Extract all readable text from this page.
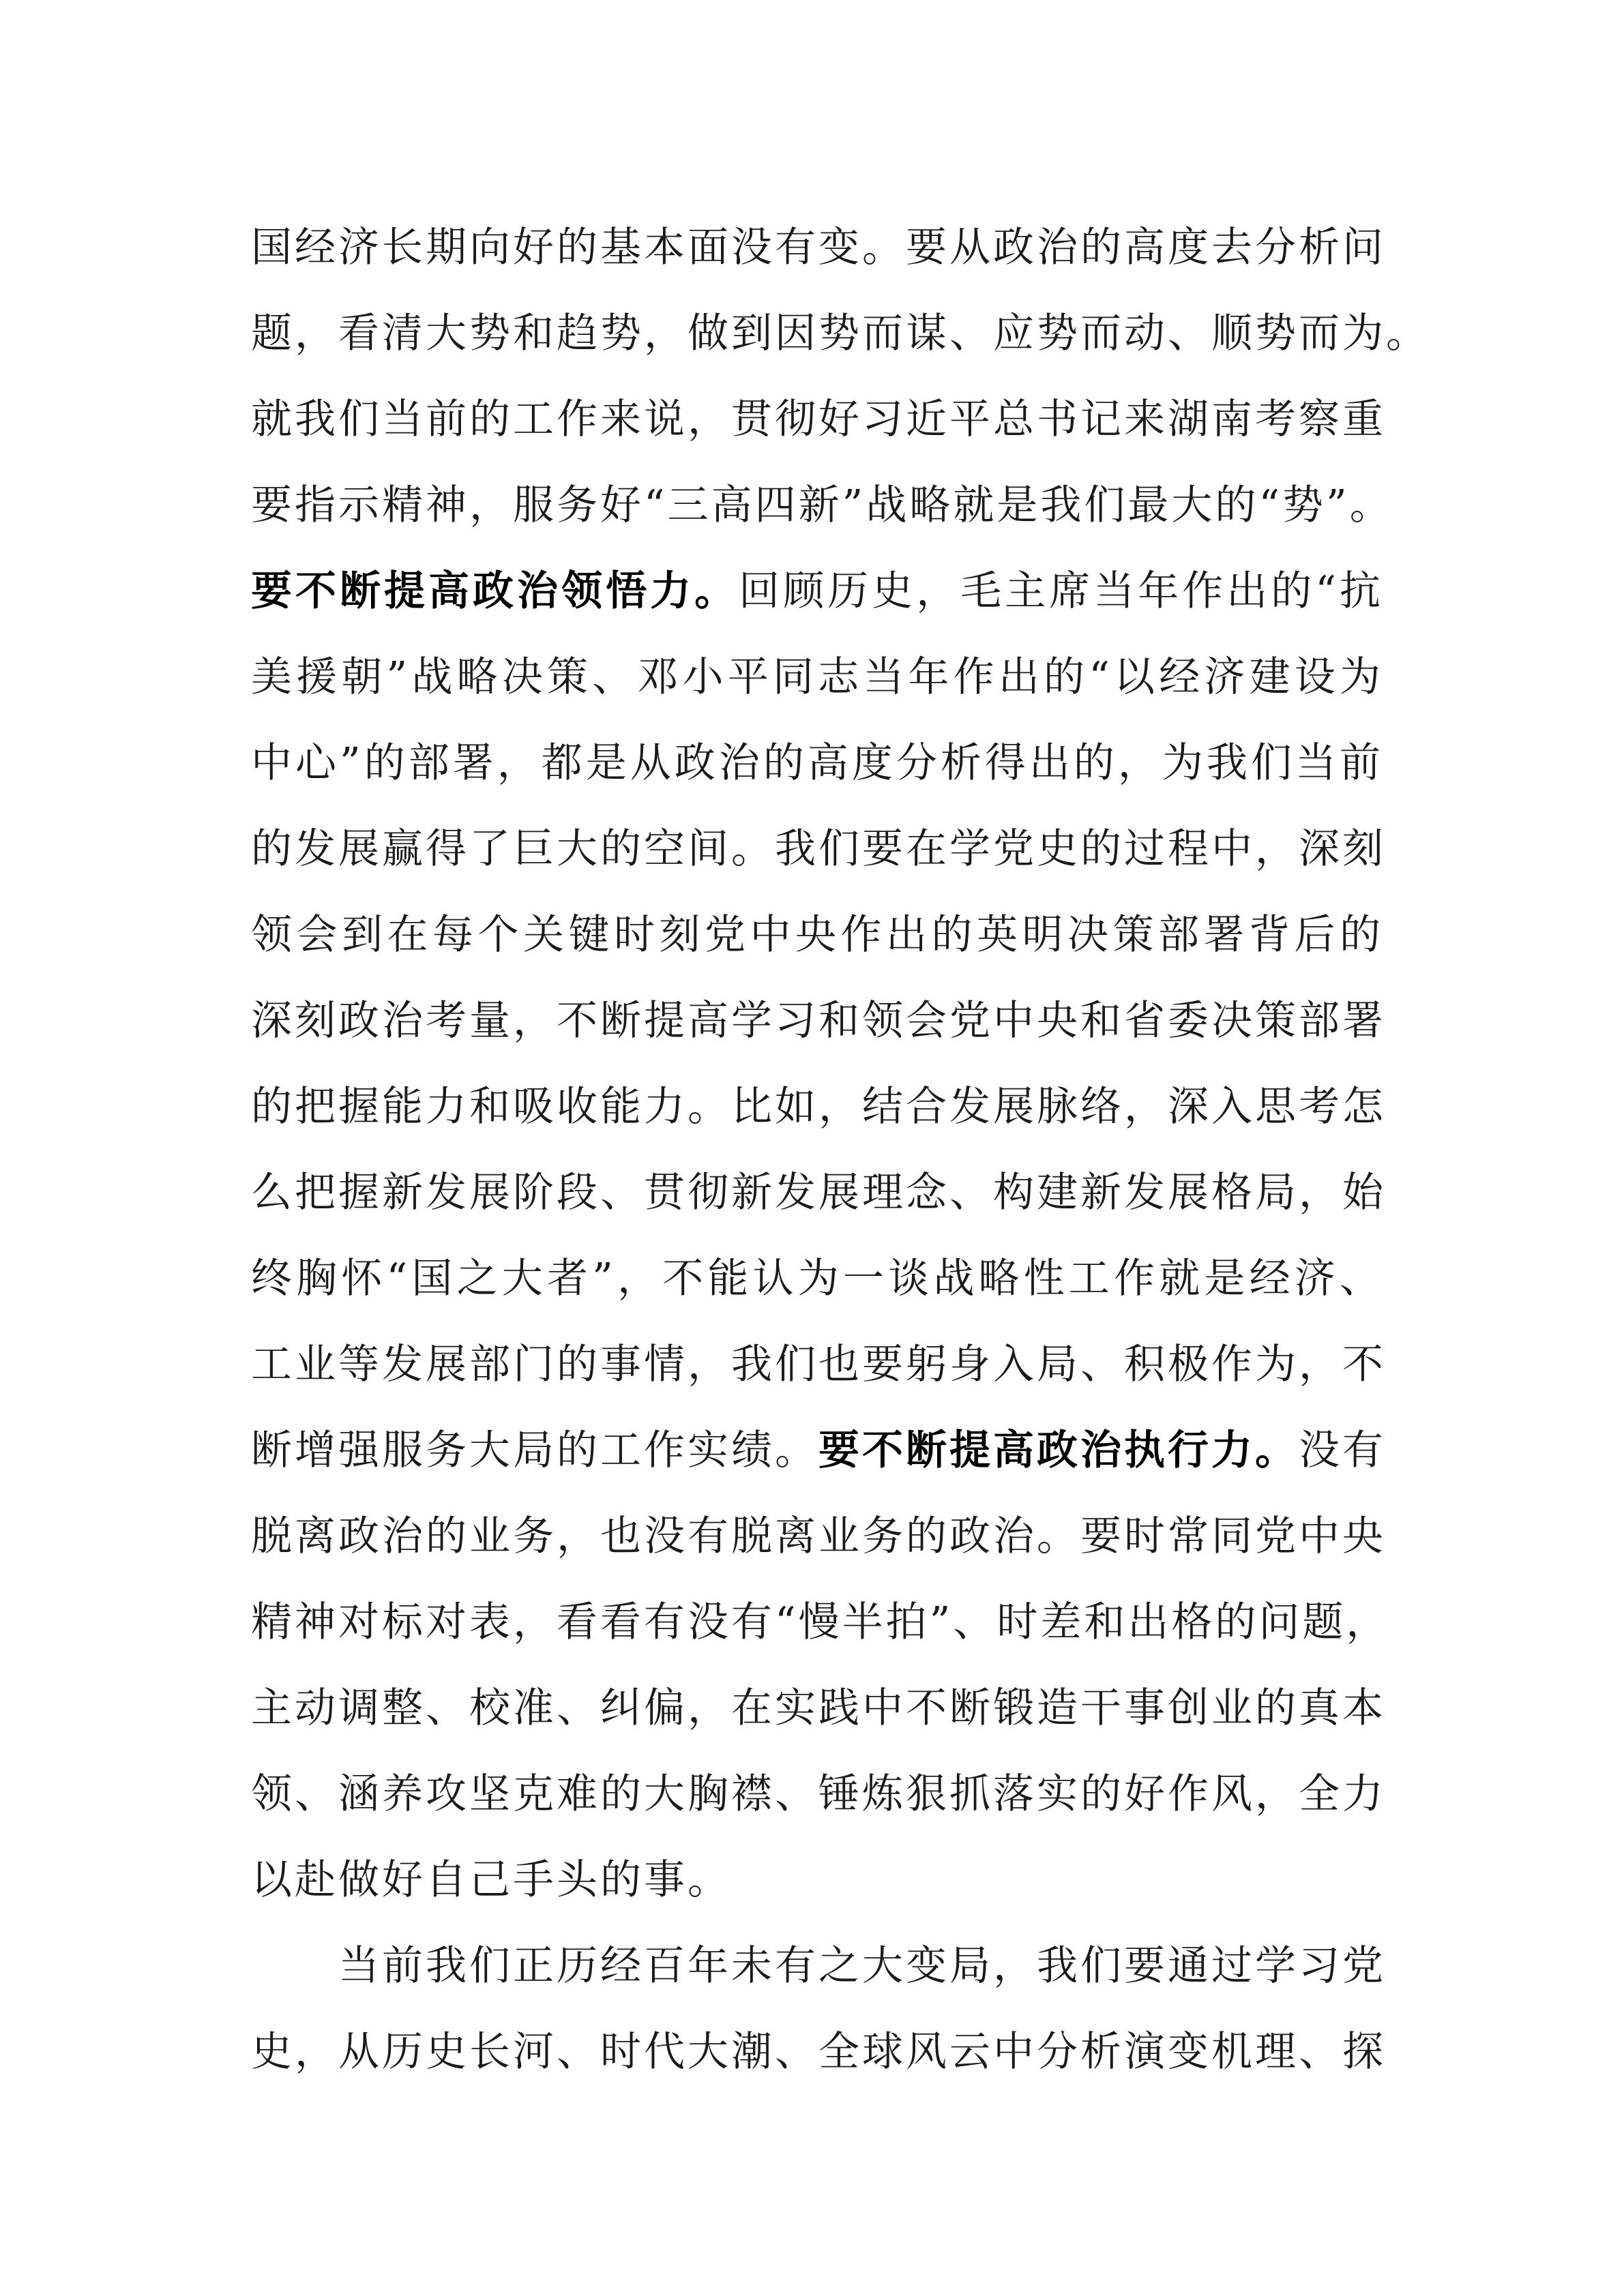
国经济长期向好的基本面没有变。要从政治的高度去分析问
题，看清大势和趋势，做到因势而谋、应势而动、顺势而为。
就我们当前的工作来说，贯彻好习近平总书记来湖南考察重
要指示精神，服务好“三高四新”战略就是我们最大的“势”。
要不断提高政治领悟力。回顾历史，毛主席当年作出的“抗
美援朝”战略决策、邓小平同志当年作出的“以经济建设为
中心”的部署，都是从政治的高度分析得出的，为我们当前
的发展赢得了巨大的空间。我们要在学党史的过程中，深刻
领会到在每个关键时刻党中央作出的英明决策部署背后的
深刻政治考量，不断提高学习和领会党中央和省委决策部署
的把握能力和吸收能力。比如，结合发展脉络，深入思考怎
么把握新发展阶段、贯彻新发展理念、构建新发展格局，始
终胸怀“国之大者”，不能认为一谈战略性工作就是经济、
工业等发展部门的事情，我们也要躬身入局、积极作为，不
断增强服务大局的工作实绩。要不断提高政治执行力。没有
脱离政治的业务，也没有脱离业务的政治。要时常同党中央
精神对标对表，看看有没有“慢半拍”、时差和出格的问题，
主动调整、校准、纠偏，在实践中不断锻造干事创业的真本
领、涵养攻坚克难的大胸襟、锤炼狠抓落实的好作风，全力
以赴做好自己手头的事。
当前我们正历经百年未有之大变局，我们要通过学习党
史，从历史长河、时代大潮、全球风云中分析演变机理、探
